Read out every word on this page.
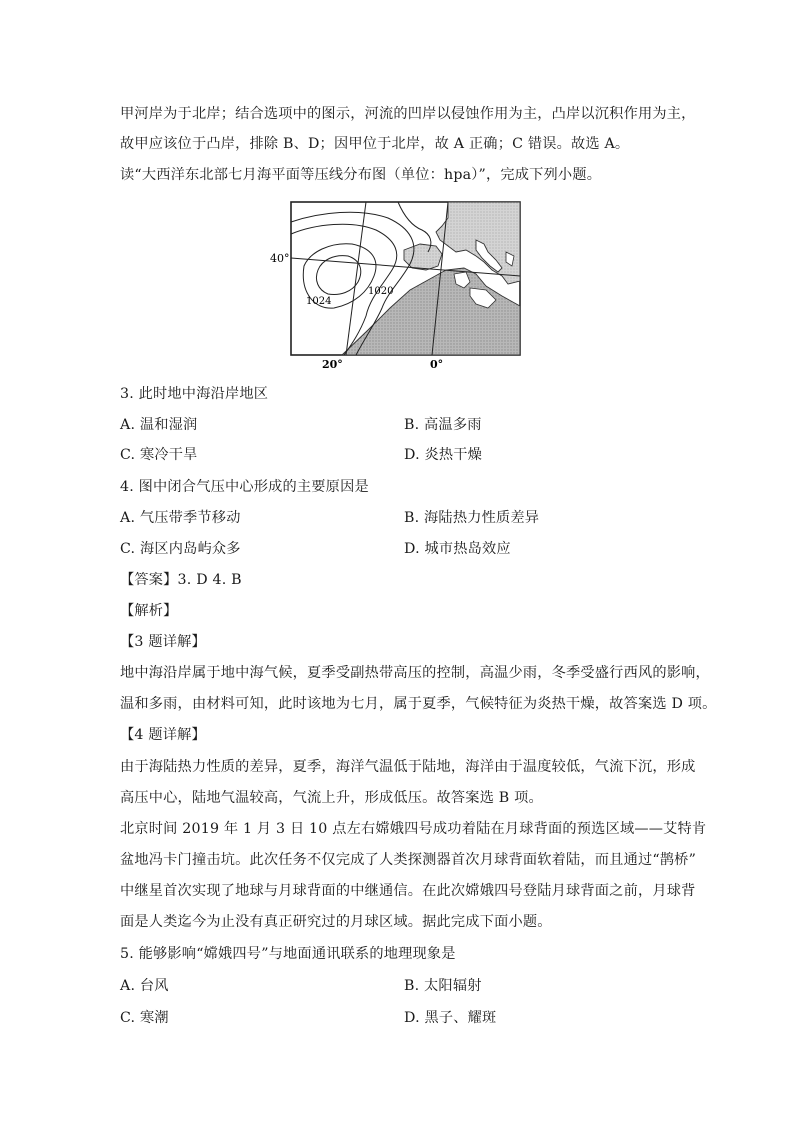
甲河岸为于北岸；结合选项中的图示，河流的凹岸以侵蚀作用为主，凸岸以沉积作用为主，
故甲应该位于凸岸，排除 B、D；因甲位于北岸，故 A 正确；C 错误。故选 A。
读“大西洋东北部七月海平面等压线分布图（单位：hpa）”，完成下列小题。
40°
20°	0°
1024
1020
3. 此时地中海沿岸地区
A. 温和湿润	B. 高温多雨
C. 寒冷干旱	D. 炎热干燥
4. 图中闭合气压中心形成的主要原因是
A. 气压带季节移动	B. 海陆热力性质差异
C. 海区内岛屿众多	D. 城市热岛效应
【答案】3. D 4. B
【解析】
【3 题详解】
地中海沿岸属于地中海气候，夏季受副热带高压的控制，高温少雨，冬季受盛行西风的影响，
温和多雨，由材料可知，此时该地为七月，属于夏季，气候特征为炎热干燥，故答案选 D 项。
【4 题详解】
由于海陆热力性质的差异，夏季，海洋气温低于陆地，海洋由于温度较低，气流下沉，形成
高压中心，陆地气温较高，气流上升，形成低压。故答案选 B 项。
北京时间 2019 年 1 月 3 日 10 点左右嫦娥四号成功着陆在月球背面的预选区域——艾特肯
盆地冯卡门撞击坑。此次任务不仅完成了人类探测器首次月球背面软着陆，而且通过“鹊桥”
中继星首次实现了地球与月球背面的中继通信。在此次嫦娥四号登陆月球背面之前，月球背
面是人类迄今为止没有真正研究过的月球区域。据此完成下面小题。
5. 能够影响“嫦娥四号”与地面通讯联系的地理现象是
A. 台风	B. 太阳辐射
C. 寒潮	D. 黑子、耀斑
